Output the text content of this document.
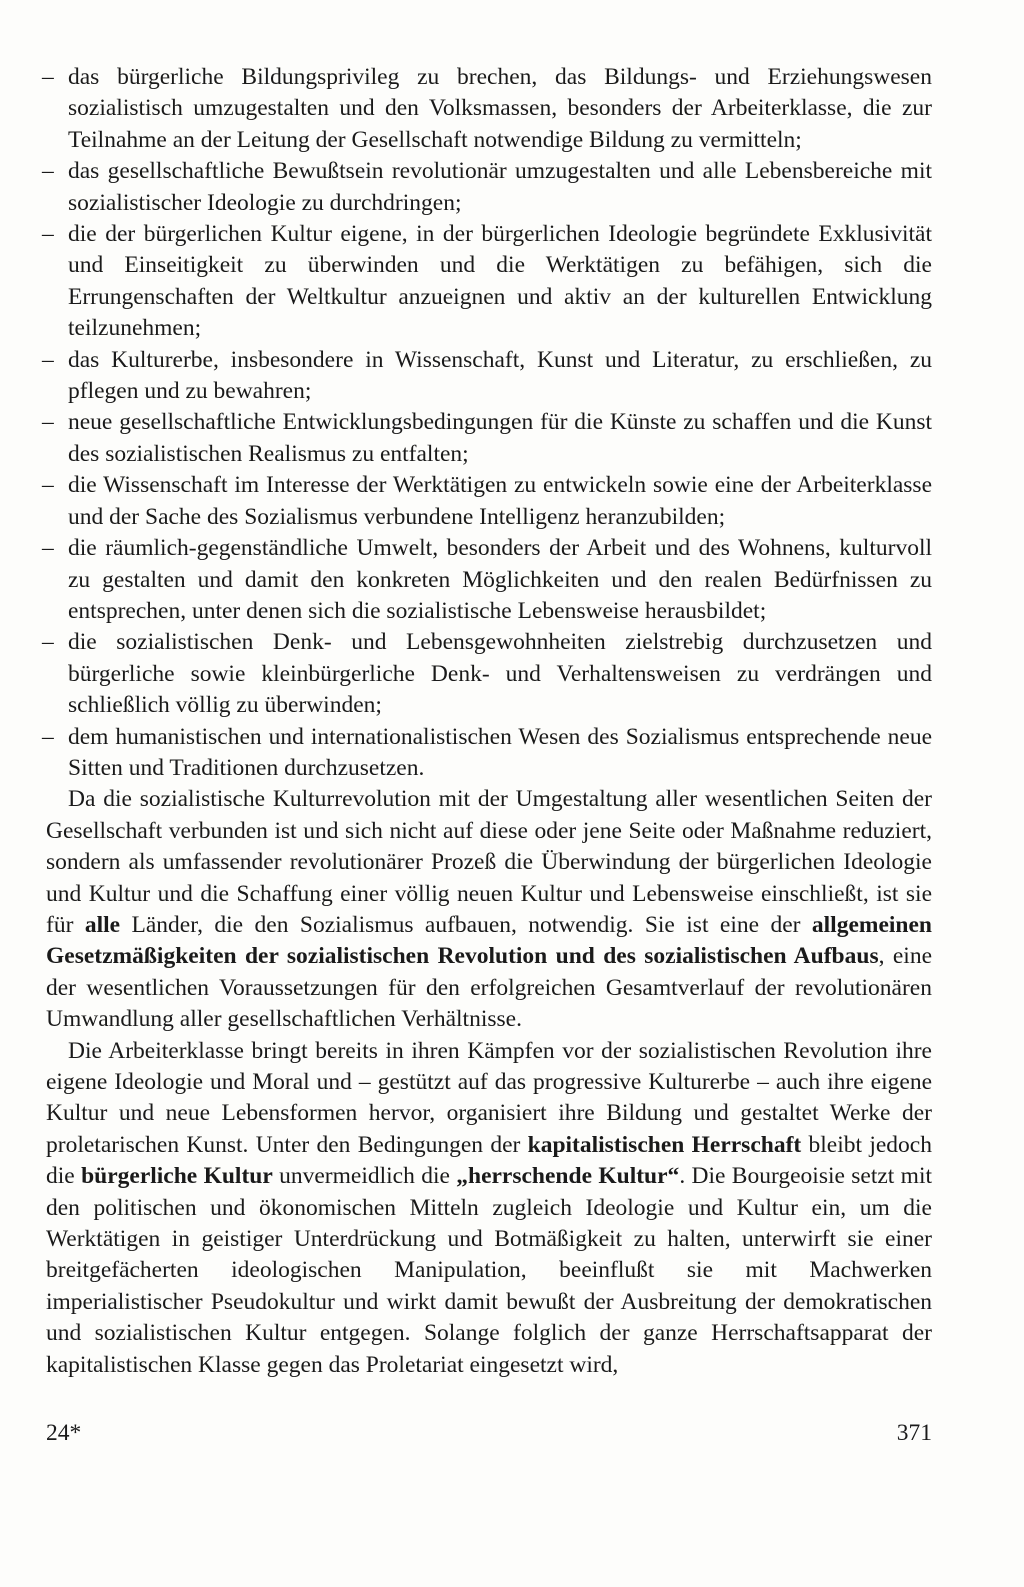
– das bürgerliche Bildungsprivileg zu brechen, das Bildungs- und Erziehungswesen sozialistisch umzugestalten und den Volksmassen, besonders der Arbeiterklasse, die zur Teilnahme an der Leitung der Gesellschaft notwendige Bildung zu vermitteln;
– das gesellschaftliche Bewußtsein revolutionär umzugestalten und alle Lebensbereiche mit sozialistischer Ideologie zu durchdringen;
– die der bürgerlichen Kultur eigene, in der bürgerlichen Ideologie begründete Exklusivität und Einseitigkeit zu überwinden und die Werktätigen zu befähigen, sich die Errungenschaften der Weltkultur anzueignen und aktiv an der kulturellen Entwicklung teilzunehmen;
– das Kulturerbe, insbesondere in Wissenschaft, Kunst und Literatur, zu erschließen, zu pflegen und zu bewahren;
– neue gesellschaftliche Entwicklungsbedingungen für die Künste zu schaffen und die Kunst des sozialistischen Realismus zu entfalten;
– die Wissenschaft im Interesse der Werktätigen zu entwickeln sowie eine der Arbeiterklasse und der Sache des Sozialismus verbundene Intelligenz heranzubilden;
– die räumlich-gegenständliche Umwelt, besonders der Arbeit und des Wohnens, kulturvoll zu gestalten und damit den konkreten Möglichkeiten und den realen Bedürfnissen zu entsprechen, unter denen sich die sozialistische Lebensweise herausbildet;
– die sozialistischen Denk- und Lebensgewohnheiten zielstrebig durchzusetzen und bürgerliche sowie kleinbürgerliche Denk- und Verhaltensweisen zu verdrängen und schließlich völlig zu überwinden;
– dem humanistischen und internationalistischen Wesen des Sozialismus entsprechende neue Sitten und Traditionen durchzusetzen.

Da die sozialistische Kulturrevolution mit der Umgestaltung aller wesentlichen Seiten der Gesellschaft verbunden ist und sich nicht auf diese oder jene Seite oder Maßnahme reduziert, sondern als umfassender revolutionärer Prozeß die Überwindung der bürgerlichen Ideologie und Kultur und die Schaffung einer völlig neuen Kultur und Lebensweise einschließt, ist sie für alle Länder, die den Sozialismus aufbauen, notwendig. Sie ist eine der allgemeinen Gesetzmäßigkeiten der sozialistischen Revolution und des sozialistischen Aufbaus, eine der wesentlichen Voraussetzungen für den erfolgreichen Gesamtverlauf der revolutionären Umwandlung aller gesellschaftlichen Verhältnisse.

Die Arbeiterklasse bringt bereits in ihren Kämpfen vor der sozialistischen Revolution ihre eigene Ideologie und Moral und – gestützt auf das progressive Kulturerbe – auch ihre eigene Kultur und neue Lebensformen hervor, organisiert ihre Bildung und gestaltet Werke der proletarischen Kunst. Unter den Bedingungen der kapitalistischen Herrschaft bleibt jedoch die bürgerliche Kultur unvermeidlich die „herrschende Kultur“. Die Bourgeoisie setzt mit den politischen und ökonomischen Mitteln zugleich Ideologie und Kultur ein, um die Werktätigen in geistiger Unterdrückung und Botmäßigkeit zu halten, unterwirft sie einer breitgefächerten ideologischen Manipulation, beeinflußt sie mit Machwerken imperialistischer Pseudokultur und wirkt damit bewußt der Ausbreitung der demokratischen und sozialistischen Kultur entgegen. Solange folglich der ganze Herrschaftsapparat der kapitalistischen Klasse gegen das Proletariat eingesetzt wird,

24*	371
